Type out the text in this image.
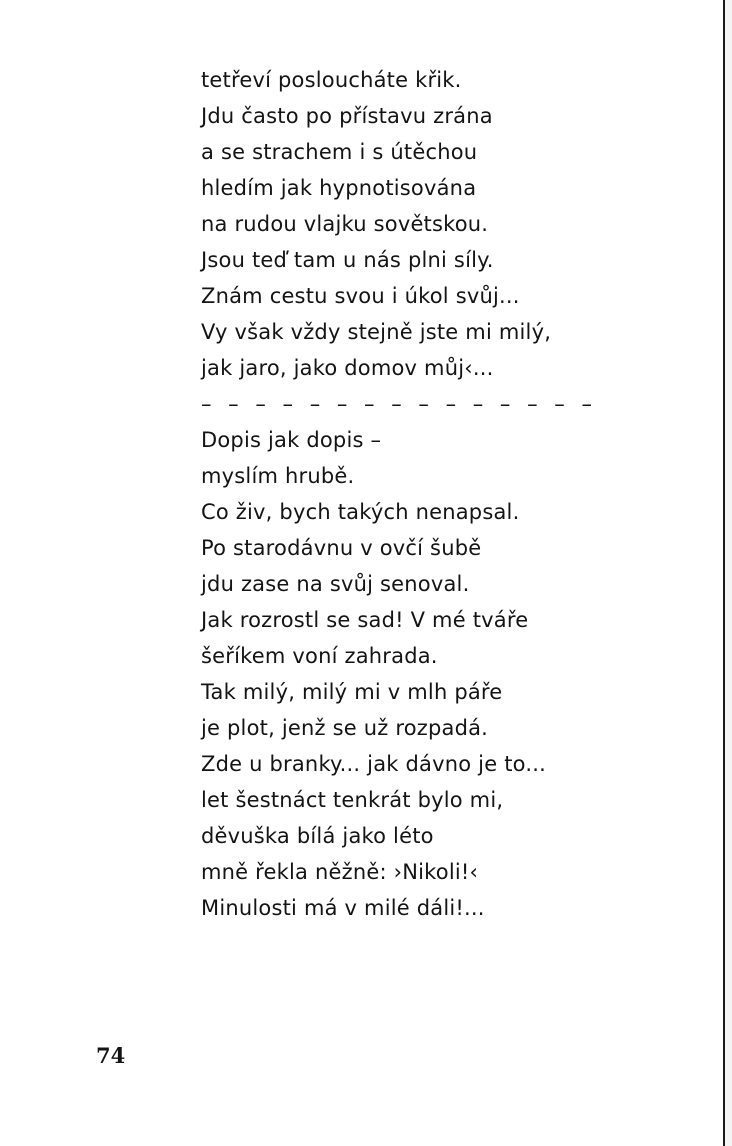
tetřeví posloucháte křik.
Jdu často po přístavu zrána
a se strachem i s útěchou
hledím jak hypnotisována
na rudou vlajku sovětskou.
Jsou teď tam u nás plni síly.
Znám cestu svou i úkol svůj...
Vy však vždy stejně jste mi milý,
jak jaro, jako domov můj‹...
– – – – – – – – – – – – – – –
Dopis jak dopis –
myslím hrubě.
Co živ, bych takých nenapsal.
Po starodávnu v ovčí šubě
jdu zase na svůj senoval.
Jak rozrostl se sad! V mé tváře
šeříkem voní zahrada.
Tak milý, milý mi v mlh páře
je plot, jenž se už rozpadá.
Zde u branky... jak dávno je to...
let šestnáct tenkrát bylo mi,
děvuška bílá jako léto
mně řekla něžně: ›Nikoli!‹
Minulosti má v milé dáli!...
74
